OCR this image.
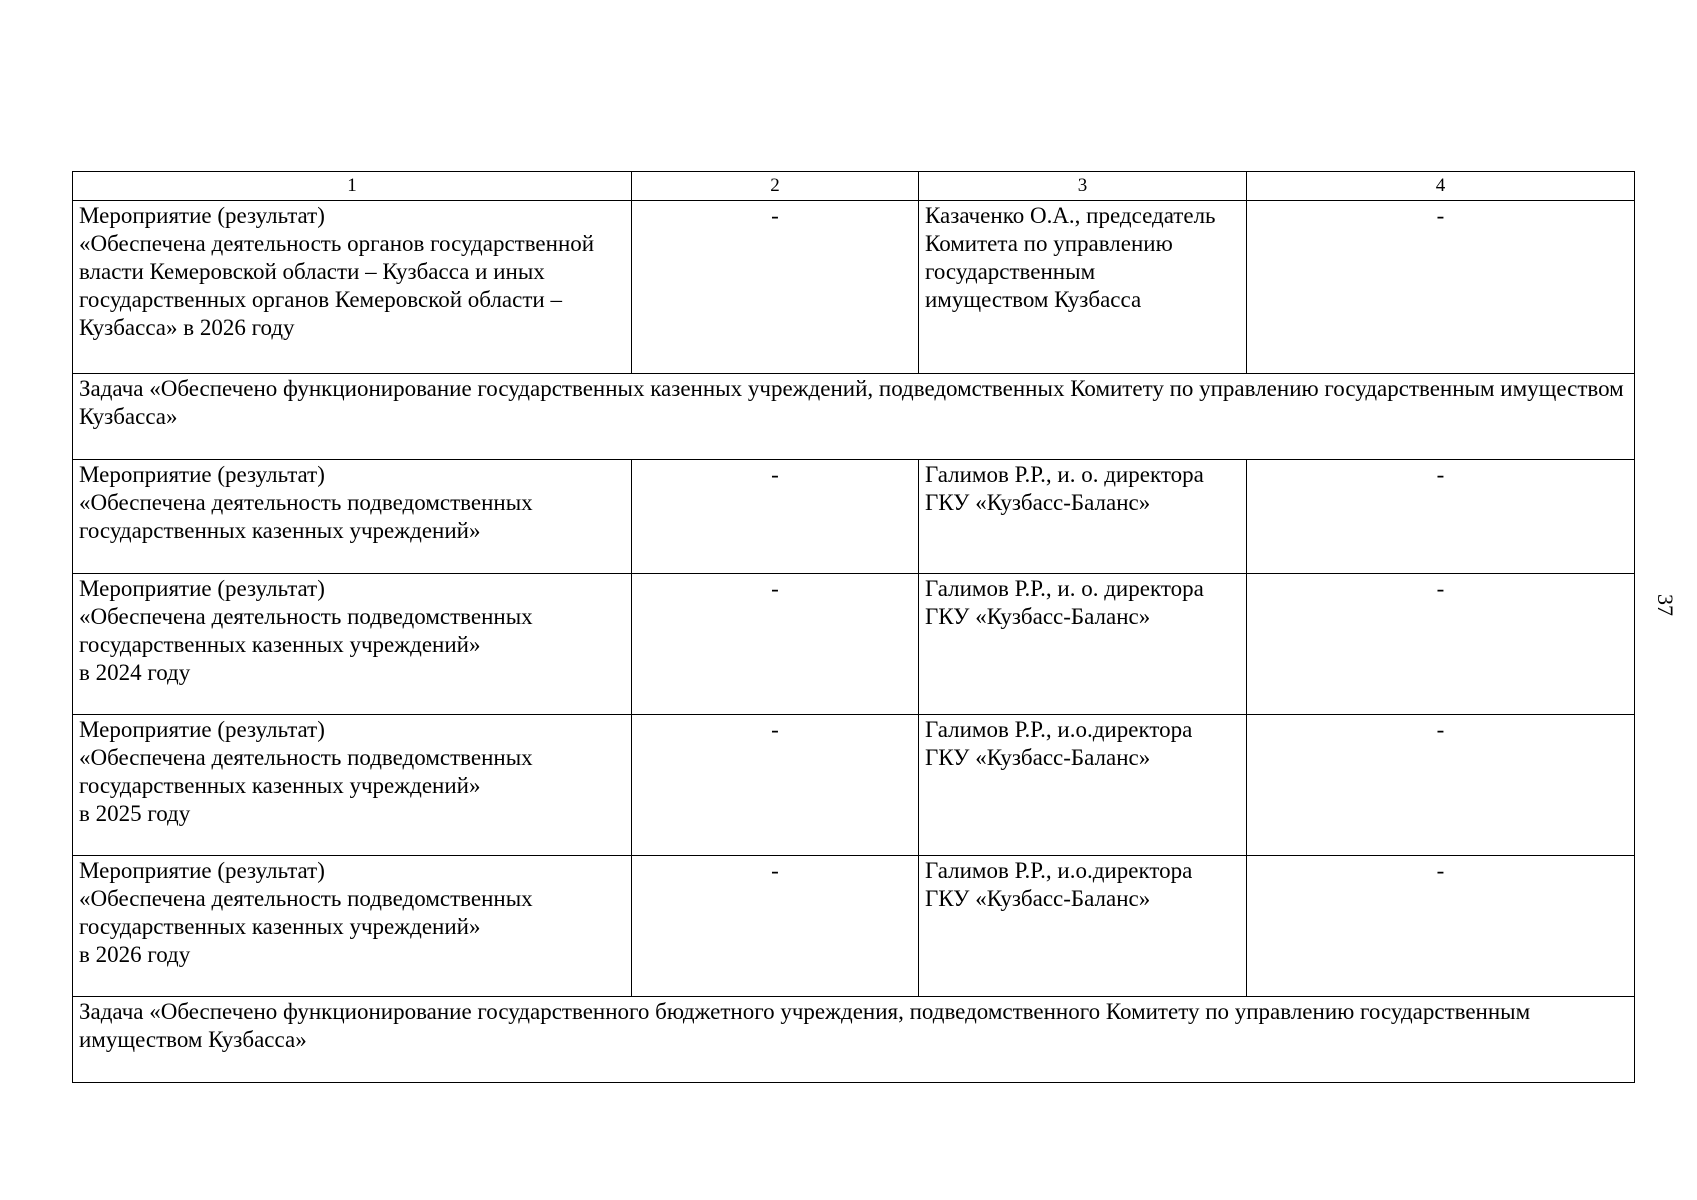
1	2	3	4
Мероприятие (результат)
«Обеспечена деятельность органов государственной власти Кемеровской области – Кузбасса и иных государственных органов Кемеровской области – Кузбасса» в 2026 году	-	Казаченко О.А., председатель Комитета по управлению государственным
имуществом Кузбасса	-
Задача «Обеспечено функционирование государственных казенных учреждений, подведомственных Комитету по управлению государственным имуществом Кузбасса»			
Мероприятие (результат)
«Обеспечена деятельность подведомственных государственных казенных учреждений»	-	Галимов Р.Р., и. о. директора ГКУ «Кузбасс-Баланс»	-
Мероприятие (результат)
«Обеспечена деятельность подведомственных государственных казенных учреждений»
в 2024 году	-	Галимов Р.Р., и. о. директора ГКУ «Кузбасс-Баланс»	-
Мероприятие (результат)
«Обеспечена деятельность подведомственных государственных казенных учреждений»
в 2025 году	-	Галимов Р.Р., и.о.директора ГКУ «Кузбасс-Баланс»	-
Мероприятие (результат)
«Обеспечена деятельность подведомственных государственных казенных учреждений»
в 2026 году	-	Галимов Р.Р., и.о.директора ГКУ «Кузбасс-Баланс»	-
Задача «Обеспечено функционирование государственного бюджетного учреждения, подведомственного Комитету по управлению государственным имуществом Кузбасса»			
37
